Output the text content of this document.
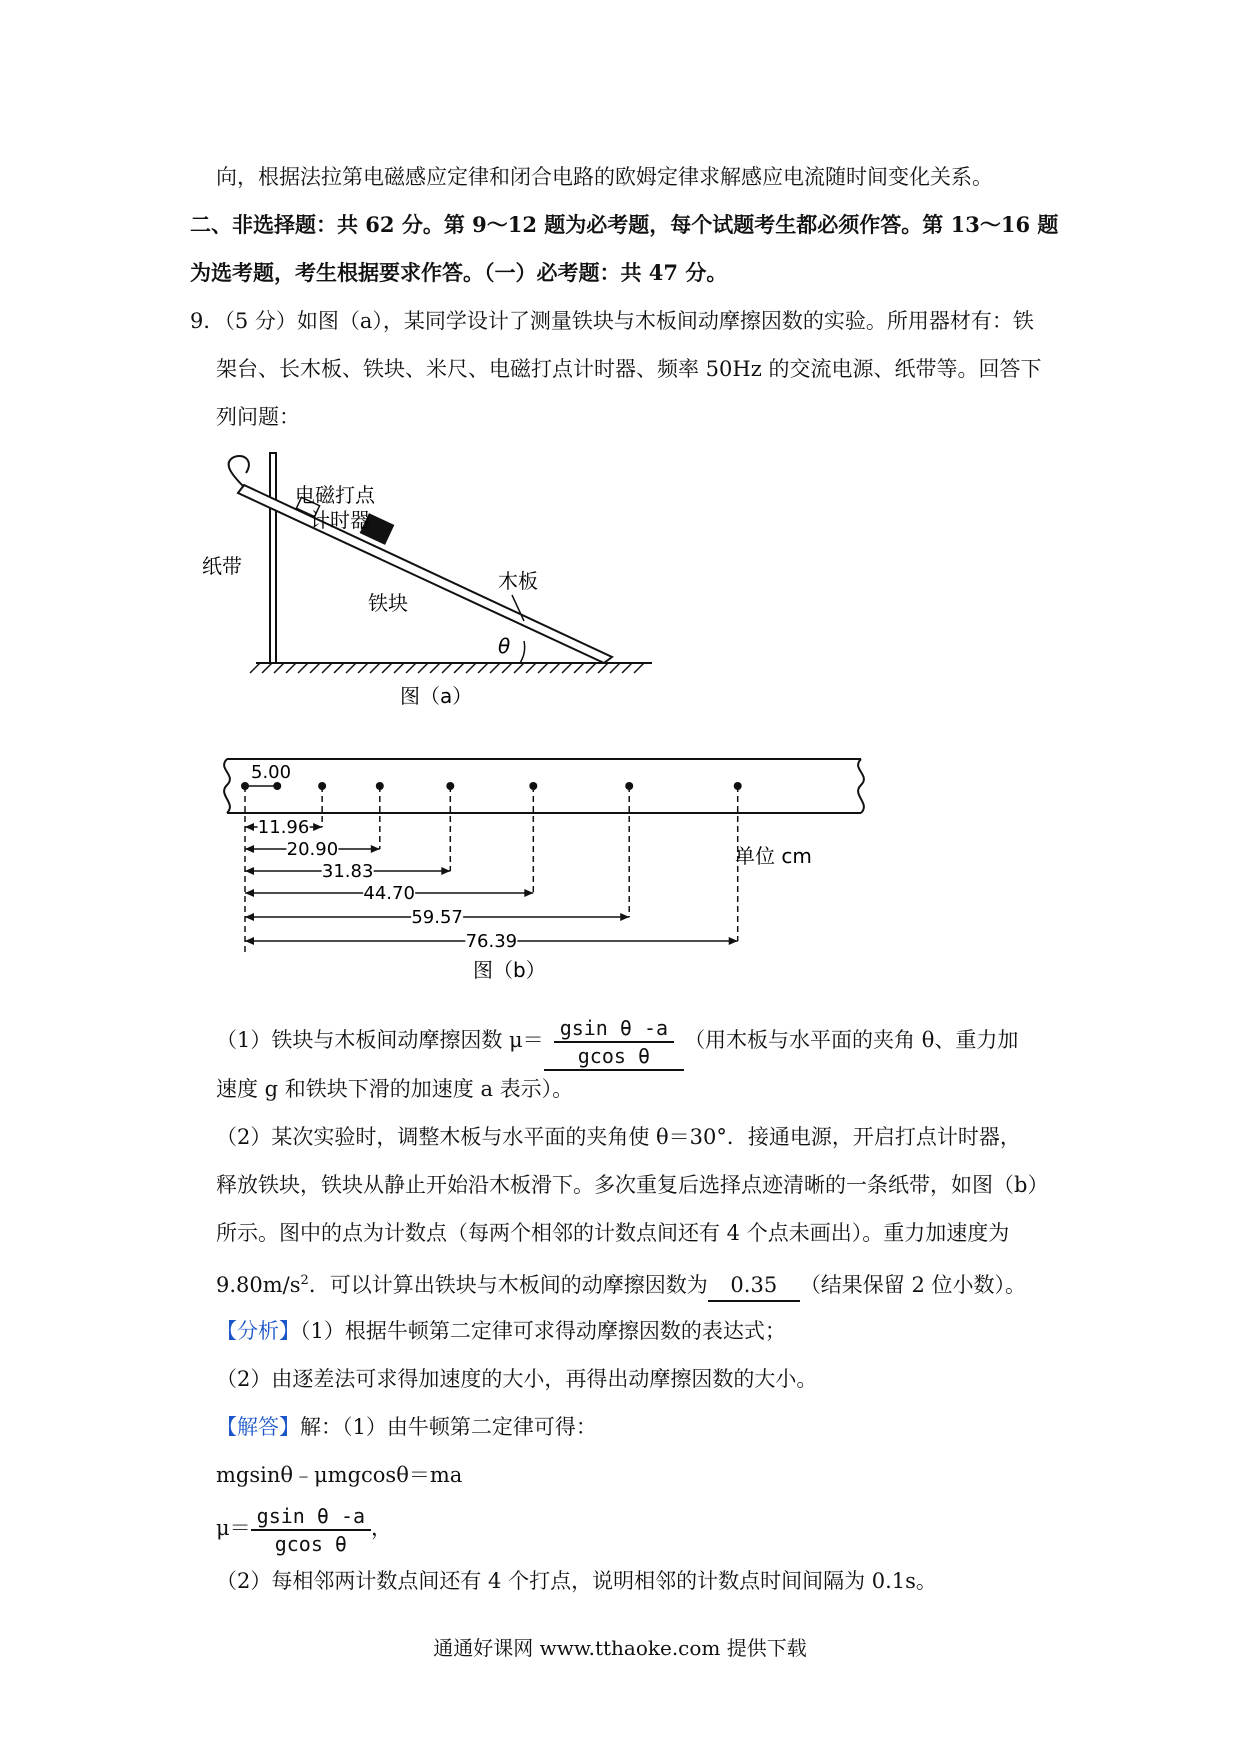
向，根据法拉第电磁感应定律和闭合电路的欧姆定律求解感应电流随时间变化关系。
二、非选择题：共 62 分。第 9～12 题为必考题，每个试题考生都必须作答。第 13～16 题
为选考题，考生根据要求作答。（一）必考题：共 47 分。
9．（5 分）如图（a），某同学设计了测量铁块与木板间动摩擦因数的实验。所用器材有：铁
架台、长木板、铁块、米尺、电磁打点计时器、频率 50Hz 的交流电源、纸带等。回答下
列问题：
电磁打点
计时器
纸带
铁块
木板
θ
图（a）
5.00
11.96
20.90
31.83
44.70
59.57
76.39
单位 cm
图（b）
（1）铁块与木板间动摩擦因数 $\mu= \frac{\text{gsin θ -a}}{\text{gcos θ}}$ （用木板与水平面的夹角 θ、重力加
速度 g 和铁块下滑的加速度 a 表示）。
（2）某次实验时，调整木板与水平面的夹角使 θ＝30°．接通电源，开启打点计时器，
释放铁块，铁块从静止开始沿木板滑下。多次重复后选择点迹清晰的一条纸带，如图（b）
所示。图中的点为计数点（每两个相邻的计数点间还有 4 个点未画出）。重力加速度为
$9.80m/s^2$．可以计算出铁块与木板间的动摩擦因数为 0.35 （结果保留 2 位小数）。
【分析】（1）根据牛顿第二定律可求得动摩擦因数的表达式；
（2）由逐差法可求得加速度的大小，再得出动摩擦因数的大小。
【解答】解：（1）由牛顿第二定律可得：
mgsinθ﹣μmgcosθ＝ma
$\mu= \frac{\text{gsin θ -a}}{\text{gcos θ}}$ ，
（2）每相邻两计数点间还有 4 个打点，说明相邻的计数点时间间隔为 0.1s。
通通好课网 www.tthaoke.com 提供下载
